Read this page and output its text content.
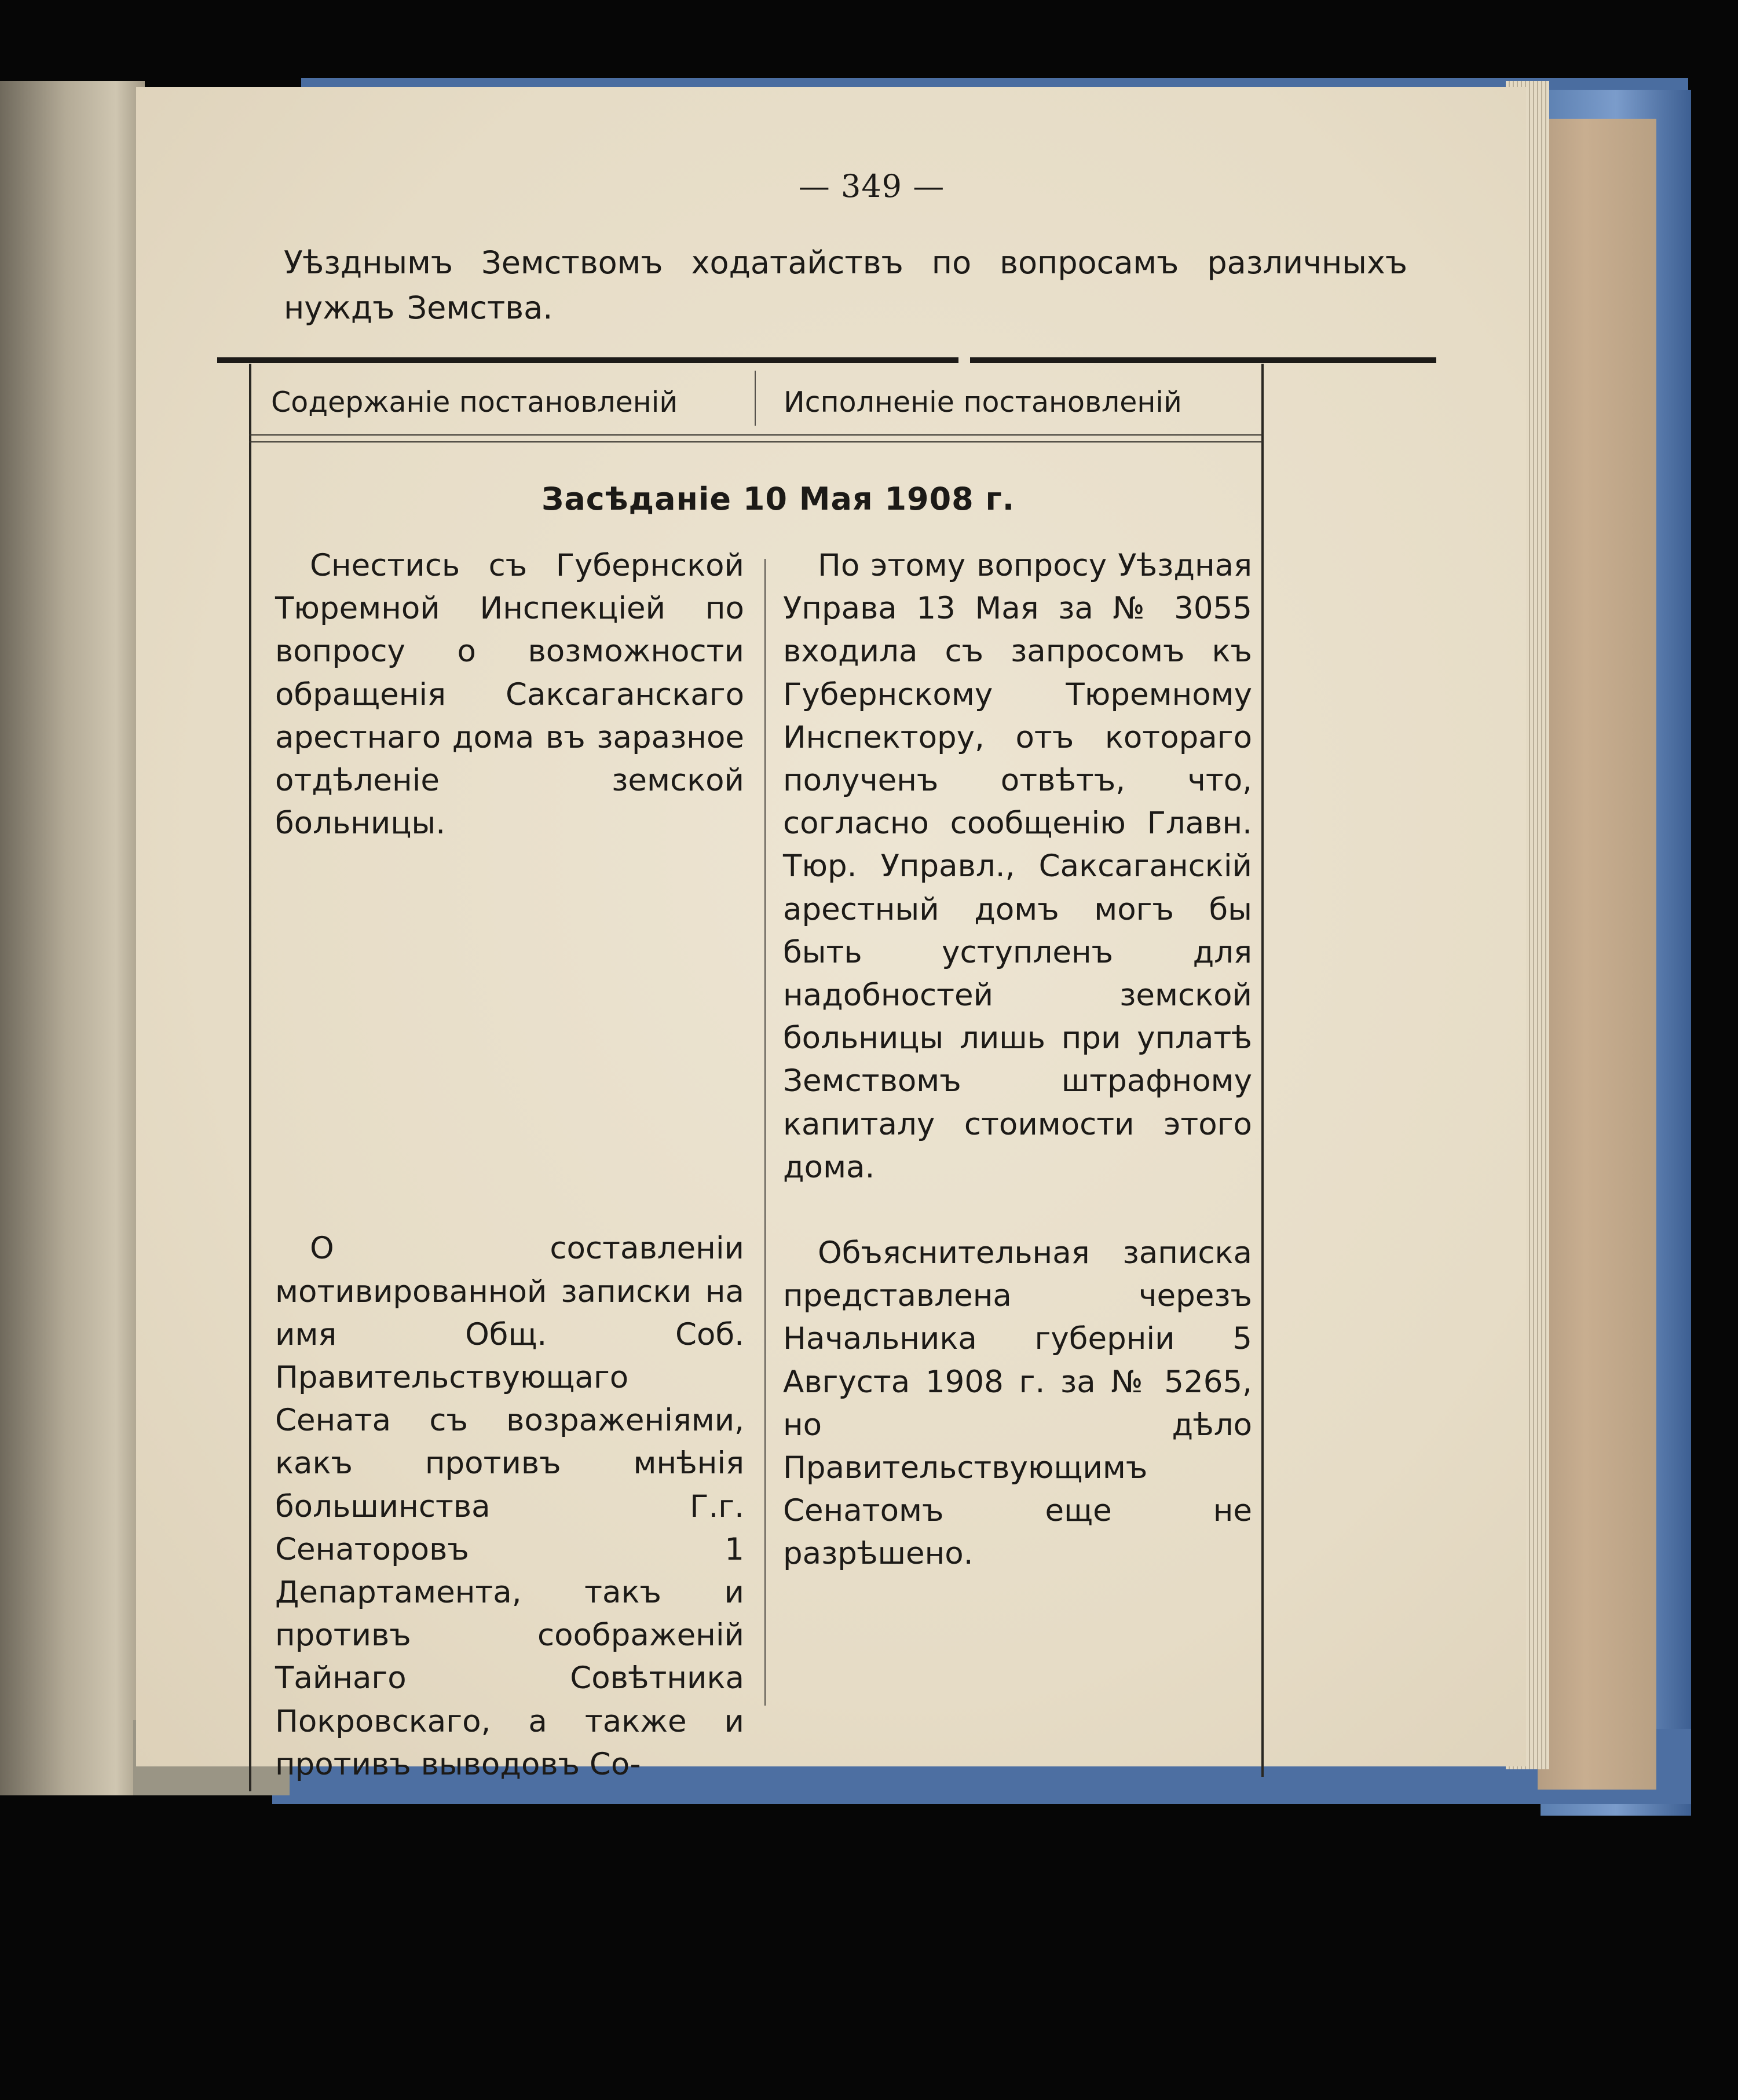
— 349 —
Уѣзднымъ Земствомъ ходатайствъ по вопросамъ различныхъ нуждъ Земства.
Содержаніе постановленій	Исполненіе постановленій
Засѣданіе 10 Мая 1908 г.

Снестись съ Губернской Тюремной Инспекціей по вопросу о возможности обращенія Саксаганскаго арестнаго дома въ заразное отдѣленіе земской больницы.

О составленіи мотивированной записки на имя Общ. Соб. Правительствующаго Сената съ возраженіями, какъ противъ мнѣнія большинства Г.г. Сенаторовъ 1 Департамента, такъ и противъ соображеній Тайнаго Совѣтника Покровскаго, а также и противъ выводовъ Со-

По этому вопросу Уѣздная Управа 13 Мая за № 3055 входила съ запросомъ къ Губернскому Тюремному Инспектору, отъ котораго полученъ отвѣтъ, что, согласно сообщенію Главн. Тюр. Управл., Саксаганскій арестный домъ могъ бы быть уступленъ для надобностей земской больницы лишь при уплатѣ Земствомъ штрафному капиталу стоимости этого дома.

Объяснительная записка представлена черезъ Начальника губерніи 5 Августа 1908 г. за № 5265, но дѣло Правительствующимъ Сенатомъ еще не разрѣшено.
